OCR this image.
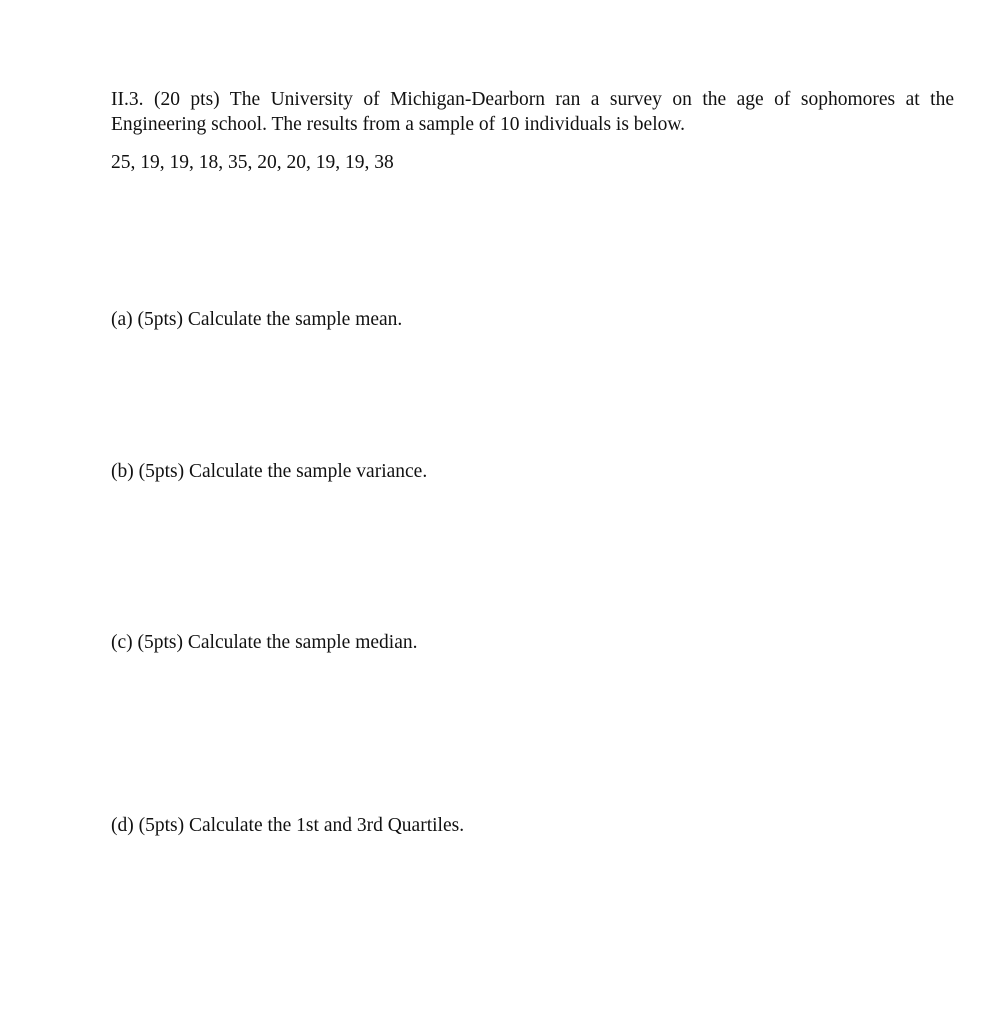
II.3. (20 pts) The University of Michigan-Dearborn ran a survey on the age of sophomores at the Engineering school. The results from a sample of 10 individuals is below.

25, 19, 19, 18, 35, 20, 20, 19, 19, 38

(a) (5pts) Calculate the sample mean.

(b) (5pts) Calculate the sample variance.

(c) (5pts) Calculate the sample median.

(d) (5pts) Calculate the 1st and 3rd Quartiles.
